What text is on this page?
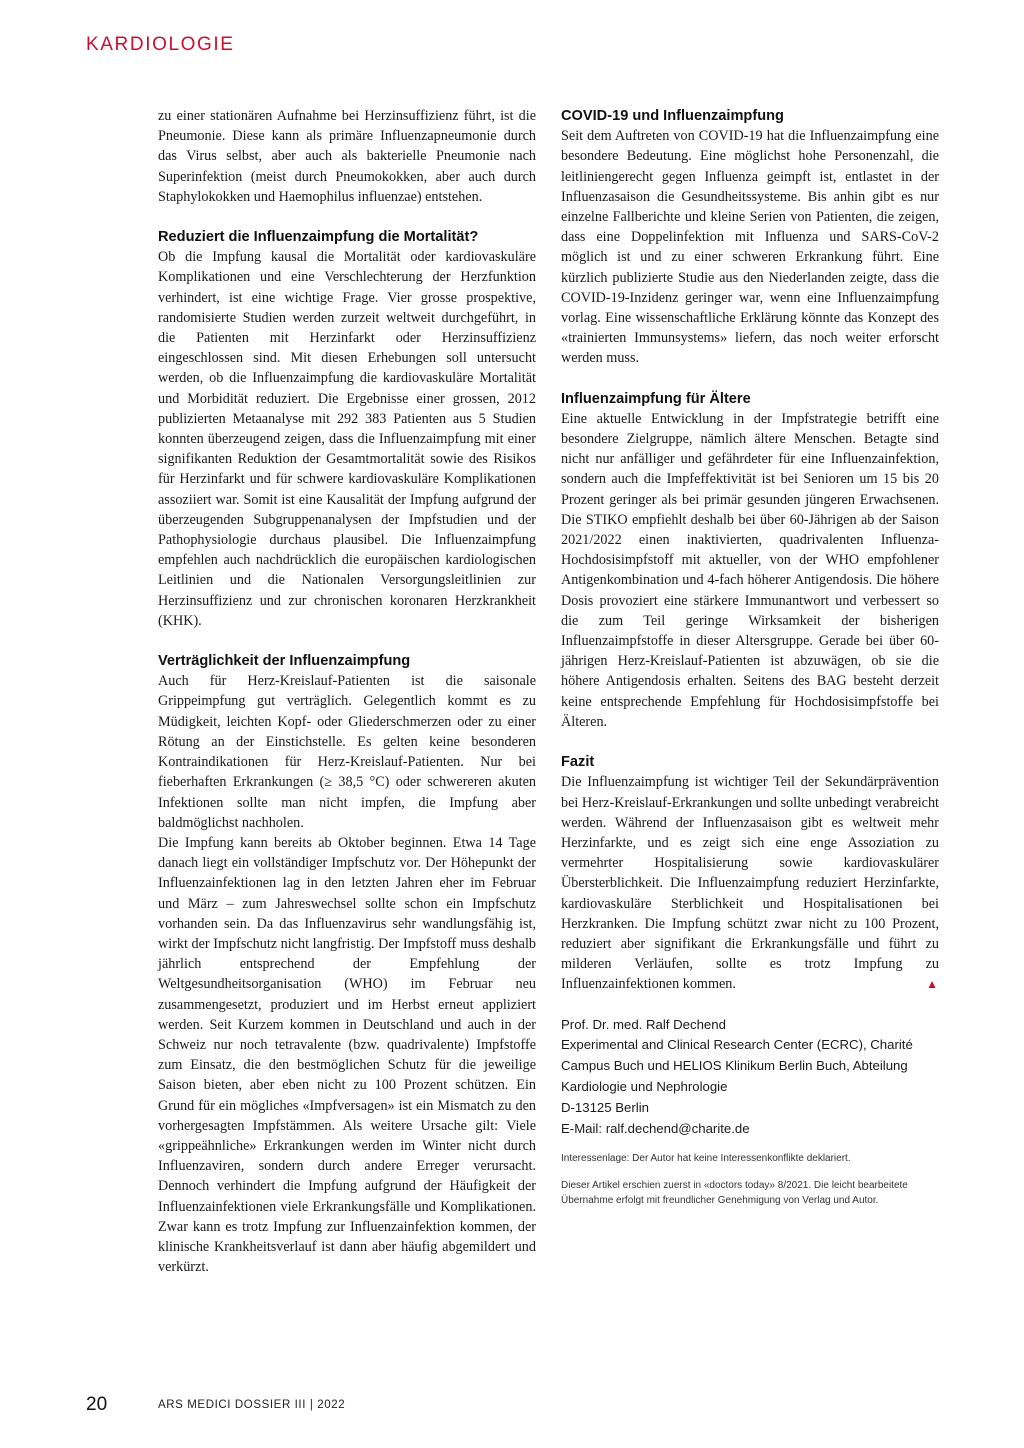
KARDIOLOGIE

zu einer stationären Aufnahme bei Herzinsuffizienz führt, ist die Pneumonie. Diese kann als primäre Influenzapneumonie durch das Virus selbst, aber auch als bakterielle Pneumonie nach Superinfektion (meist durch Pneumokokken, aber auch durch Staphylokokken und Haemophilus influenzae) entstehen.

Reduziert die Influenzaimpfung die Mortalität?

Ob die Impfung kausal die Mortalität oder kardiovaskuläre Komplikationen und eine Verschlechterung der Herzfunktion verhindert, ist eine wichtige Frage. Vier grosse prospektive, randomisierte Studien werden zurzeit weltweit durchgeführt, in die Patienten mit Herzinfarkt oder Herzinsuffizienz eingeschlossen sind. Mit diesen Erhebungen soll untersucht werden, ob die Influenzaimpfung die kardiovaskuläre Mortalität und Morbidität reduziert. Die Ergebnisse einer grossen, 2012 publizierten Metaanalyse mit 292 383 Patienten aus 5 Studien konnten überzeugend zeigen, dass die Influenzaimpfung mit einer signifikanten Reduktion der Gesamtmortalität sowie des Risikos für Herzinfarkt und für schwere kardiovaskuläre Komplikationen assoziiert war. Somit ist eine Kausalität der Impfung aufgrund der überzeugenden Subgruppenanalysen der Impfstudien und der Pathophysiologie durchaus plausibel. Die Influenzaimpfung empfehlen auch nachdrücklich die europäischen kardiologischen Leitlinien und die Nationalen Versorgungsleitlinien zur Herzinsuffizienz und zur chronischen koronaren Herzkrankheit (KHK).

Verträglichkeit der Influenzaimpfung

Auch für Herz-Kreislauf-Patienten ist die saisonale Grippeimpfung gut verträglich. Gelegentlich kommt es zu Müdigkeit, leichten Kopf- oder Gliederschmerzen oder zu einer Rötung an der Einstichstelle. Es gelten keine besonderen Kontraindikationen für Herz-Kreislauf-Patienten. Nur bei fieberhaften Erkrankungen (≥ 38,5 °C) oder schwereren akuten Infektionen sollte man nicht impfen, die Impfung aber baldmöglichst nachholen.

Die Impfung kann bereits ab Oktober beginnen. Etwa 14 Tage danach liegt ein vollständiger Impfschutz vor. Der Höhepunkt der Influenzainfektionen lag in den letzten Jahren eher im Februar und März – zum Jahreswechsel sollte schon ein Impfschutz vorhanden sein. Da das Influenzavirus sehr wandlungsfähig ist, wirkt der Impfschutz nicht langfristig. Der Impfstoff muss deshalb jährlich entsprechend der Empfehlung der Weltgesundheitsorganisation (WHO) im Februar neu zusammengesetzt, produziert und im Herbst erneut appliziert werden. Seit Kurzem kommen in Deutschland und auch in der Schweiz nur noch tetravalente (bzw. quadrivalente) Impfstoffe zum Einsatz, die den bestmöglichen Schutz für die jeweilige Saison bieten, aber eben nicht zu 100 Prozent schützen. Ein Grund für ein mögliches «Impfversagen» ist ein Mismatch zu den vorhergesagten Impfstämmen. Als weitere Ursache gilt: Viele «grippeähnliche» Erkrankungen werden im Winter nicht durch Influenzaviren, sondern durch andere Erreger verursacht. Dennoch verhindert die Impfung aufgrund der Häufigkeit der Influenzainfektionen viele Erkrankungsfälle und Komplikationen. Zwar kann es trotz Impfung zur Influenzainfektion kommen, der klinische Krankheitsverlauf ist dann aber häufig abgemildert und verkürzt.

COVID-19 und Influenzaimpfung

Seit dem Auftreten von COVID-19 hat die Influenzaimpfung eine besondere Bedeutung. Eine möglichst hohe Personenzahl, die leitliniengerecht gegen Influenza geimpft ist, entlastet in der Influenzasaison die Gesundheitssysteme. Bis anhin gibt es nur einzelne Fallberichte und kleine Serien von Patienten, die zeigen, dass eine Doppelinfektion mit Influenza und SARS-CoV-2 möglich ist und zu einer schweren Erkrankung führt. Eine kürzlich publizierte Studie aus den Niederlanden zeigte, dass die COVID-19-Inzidenz geringer war, wenn eine Influenzaimpfung vorlag. Eine wissenschaftliche Erklärung könnte das Konzept des «trainierten Immunsystems» liefern, das noch weiter erforscht werden muss.

Influenzaimpfung für Ältere

Eine aktuelle Entwicklung in der Impfstrategie betrifft eine besondere Zielgruppe, nämlich ältere Menschen. Betagte sind nicht nur anfälliger und gefährdeter für eine Influenzainfektion, sondern auch die Impfeffektivität ist bei Senioren um 15 bis 20 Prozent geringer als bei primär gesunden jüngeren Erwachsenen. Die STIKO empfiehlt deshalb bei über 60-Jährigen ab der Saison 2021/2022 einen inaktivierten, quadrivalenten Influenza-Hochdosisimpfstoff mit aktueller, von der WHO empfohlener Antigenkombination und 4-fach höherer Antigendosis. Die höhere Dosis provoziert eine stärkere Immunantwort und verbessert so die zum Teil geringe Wirksamkeit der bisherigen Influenzaimpfstoffe in dieser Altersgruppe. Gerade bei über 60-jährigen Herz-Kreislauf-Patienten ist abzuwägen, ob sie die höhere Antigendosis erhalten. Seitens des BAG besteht derzeit keine entsprechende Empfehlung für Hochdosisimpfstoffe bei Älteren.

Fazit

Die Influenzaimpfung ist wichtiger Teil der Sekundärprävention bei Herz-Kreislauf-Erkrankungen und sollte unbedingt verabreicht werden. Während der Influenzasaison gibt es weltweit mehr Herzinfarkte, und es zeigt sich eine enge Assoziation zu vermehrter Hospitalisierung sowie kardiovaskulärer Übersterblichkeit. Die Influenzaimpfung reduziert Herzinfarkte, kardiovaskuläre Sterblichkeit und Hospitalisationen bei Herzkranken. Die Impfung schützt zwar nicht zu 100 Prozent, reduziert aber signifikant die Erkrankungsfälle und führt zu milderen Verläufen, sollte es trotz Impfung zu Influenzainfektionen kommen.	▲

Prof. Dr. med. Ralf Dechend
Experimental and Clinical Research Center (ECRC), Charité
Campus Buch und HELIOS Klinikum Berlin Buch, Abteilung
Kardiologie und Nephrologie
D-13125 Berlin
E-Mail: ralf.dechend@charite.de
Interessenlage: Der Autor hat keine Interessenkonflikte deklariert.
Dieser Artikel erschien zuerst in «doctors today» 8/2021. Die leicht bearbeitete Übernahme erfolgt mit freundlicher Genehmigung von Verlag und Autor.
20	ARS MEDICI DOSSIER III | 2022
